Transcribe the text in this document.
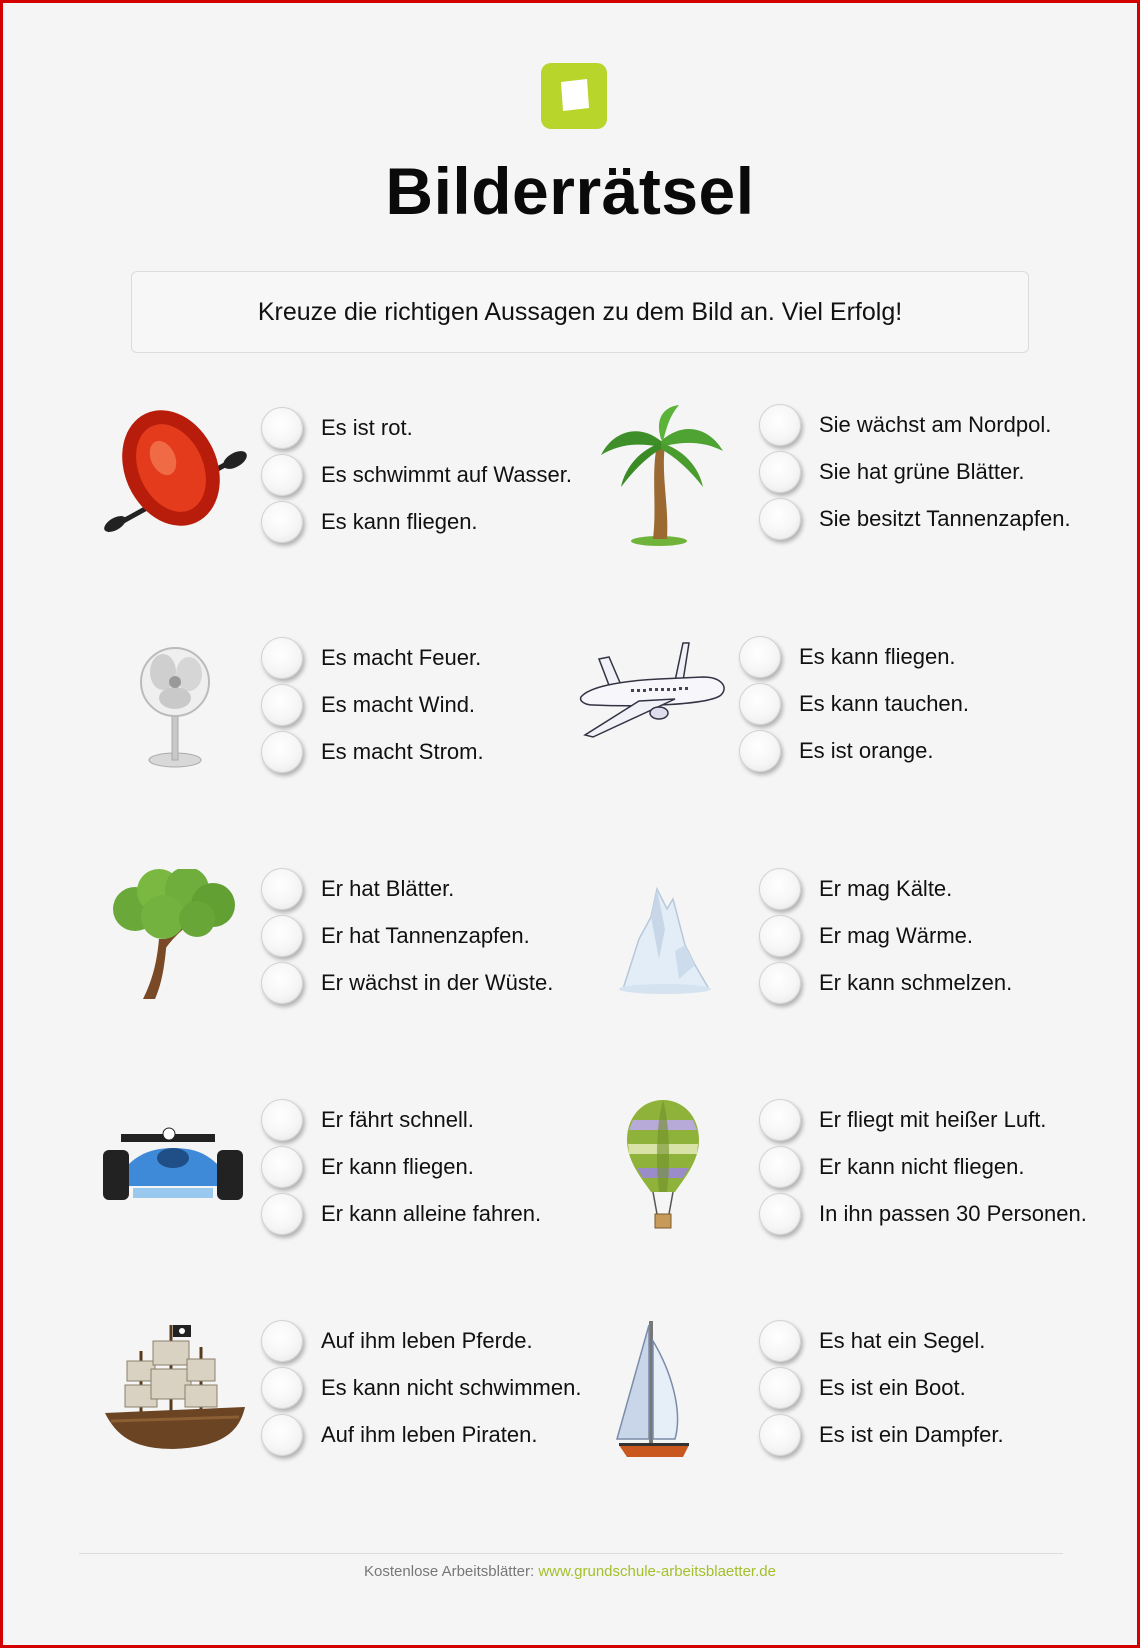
Bilderrätsel
Kreuze die richtigen Aussagen zu dem Bild an. Viel Erfolg!
Es ist rot.
Es schwimmt auf Wasser.
Es kann fliegen.
Sie wächst am Nordpol.
Sie hat grüne Blätter.
Sie besitzt Tannenzapfen.
Es macht Feuer.
Es macht Wind.
Es macht Strom.
Es kann fliegen.
Es kann tauchen.
Es ist orange.
Er hat Blätter.
Er hat Tannenzapfen.
Er wächst in der Wüste.
Er mag Kälte.
Er mag Wärme.
Er kann schmelzen.
Er fährt schnell.
Er kann fliegen.
Er kann alleine fahren.
Er fliegt mit heißer Luft.
Er kann nicht fliegen.
In ihn passen 30 Personen.
Auf ihm leben Pferde.
Es kann nicht schwimmen.
Auf ihm leben Piraten.
Es hat ein Segel.
Es ist ein Boot.
Es ist ein Dampfer.
Kostenlose Arbeitsblätter: www.grundschule-arbeitsblaetter.de
